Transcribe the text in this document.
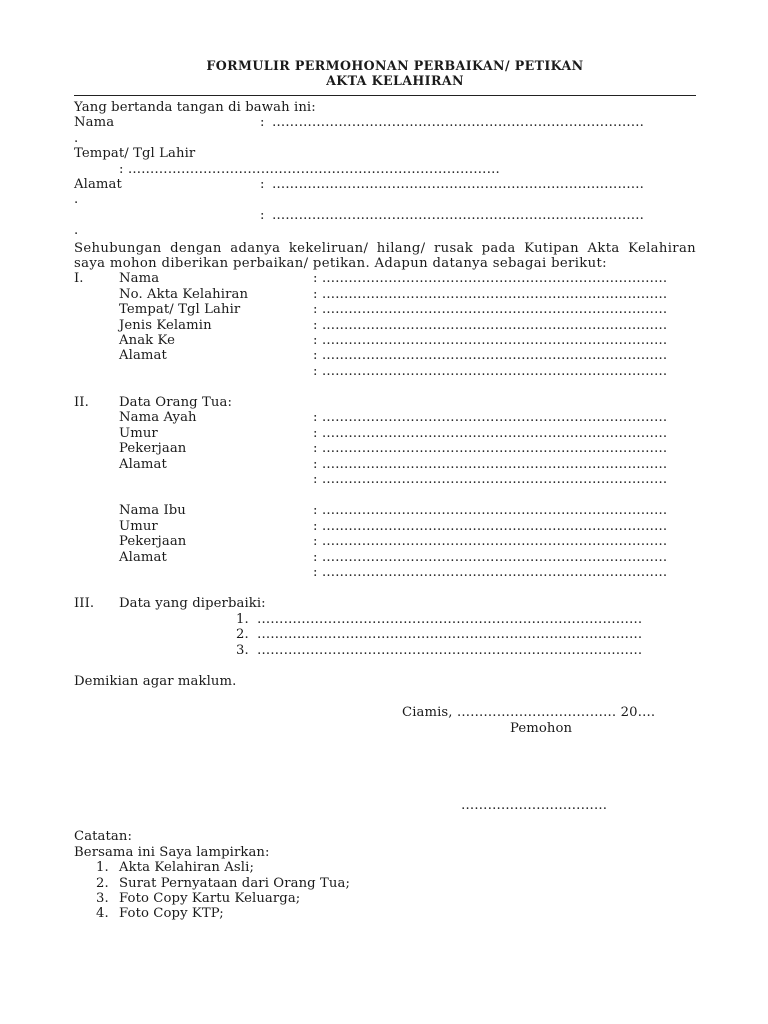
FORMULIR PERMOHONAN PERBAIKAN/ PETIKAN
AKTA KELAHIRAN
Yang bertanda tangan di bawah ini:
Nama	: …………………………………………………………………………
.
Tempat/ Tgl Lahir
: …………………………………………………………………………
Alamat	: …………………………………………………………………………
.
: …………………………………………………………………………
.
Sehubungan dengan adanya kekeliruan/ hilang/ rusak pada Kutipan Akta Kelahiran saya mohon diberikan perbaikan/ petikan. Adapun datanya sebagai berikut:
I.	Nama	: ……………………………………………………………………
No. Akta Kelahiran	: ……………………………………………………………………
Tempat/ Tgl Lahir	: ……………………………………………………………………
Jenis Kelamin	: ……………………………………………………………………
Anak Ke	: ……………………………………………………………………
Alamat	: ……………………………………………………………………
: ……………………………………………………………………
II. Data Orang Tua:
Nama Ayah	: ……………………………………………………………………
Umur	: ……………………………………………………………………
Pekerjaan	: ……………………………………………………………………
Alamat	: ……………………………………………………………………
: ……………………………………………………………………
Nama Ibu	: ……………………………………………………………………
Umur	: ……………………………………………………………………
Pekerjaan	: ……………………………………………………………………
Alamat	: ……………………………………………………………………
: ……………………………………………………………………
III. Data yang diperbaiki:
1. ……………………………………………………………………………
2. ……………………………………………………………………………
3. ……………………………………………………………………………
Demikian agar maklum.
Ciamis, ……………………………… 20….
Pemohon
……………………………
Catatan:
Bersama ini Saya lampirkan:
1. Akta Kelahiran Asli;
2. Surat Pernyataan dari Orang Tua;
3. Foto Copy Kartu Keluarga;
4. Foto Copy KTP;
